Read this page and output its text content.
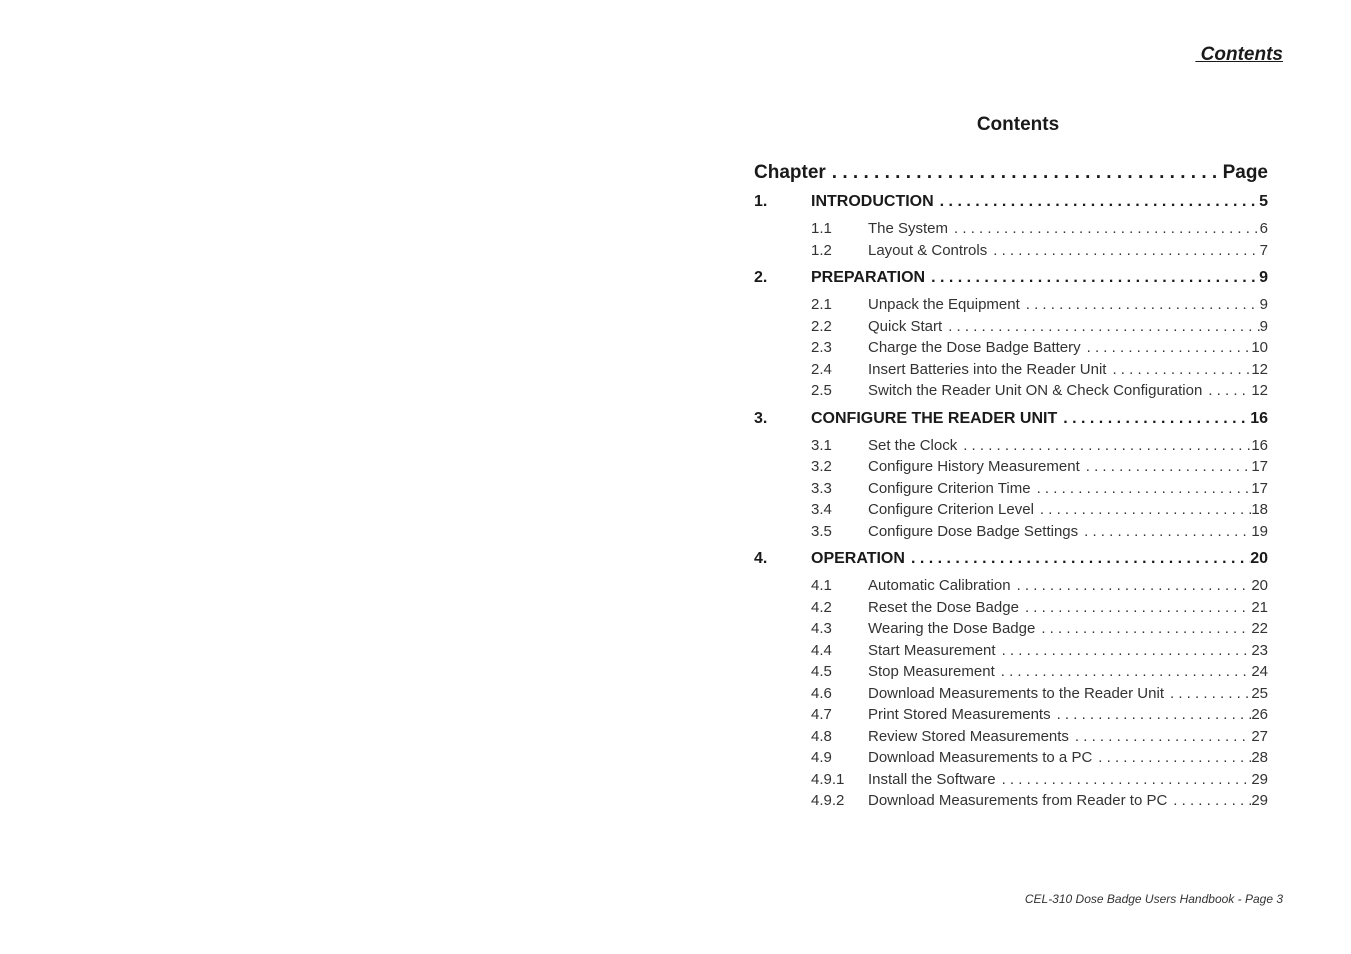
Contents
Contents
Chapter . . .	Page
1.	INTRODUCTION . . .	5
1.1	The System . . .	6
1.2	Layout & Controls . . .	7
2.	PREPARATION . . .	9
2.1	Unpack the Equipment . . .	9
2.2	Quick Start . . .	9
2.3	Charge the Dose Badge Battery . . .	10
2.4	Insert Batteries into the Reader Unit . . .	12
2.5	Switch the Reader Unit ON & Check Configuration . . .	12
3.	CONFIGURE THE READER UNIT . . .	16
3.1	Set the Clock . . .	16
3.2	Configure History Measurement . . .	17
3.3	Configure Criterion Time . . .	17
3.4	Configure Criterion Level . . .	18
3.5	Configure Dose Badge Settings . . .	19
4.	OPERATION . . .	20
4.1	Automatic Calibration . . .	20
4.2	Reset the Dose Badge . . .	21
4.3	Wearing the Dose Badge . . .	22
4.4	Start Measurement . . .	23
4.5	Stop Measurement . . .	24
4.6	Download Measurements to the Reader Unit . . .	25
4.7	Print Stored Measurements . . .	26
4.8	Review Stored Measurements . . .	27
4.9	Download Measurements to a PC . . .	28
4.9.1	Install the Software . . .	29
4.9.2	Download Measurements from Reader to PC . . .	29
CEL-310 Dose Badge Users Handbook - Page 3
